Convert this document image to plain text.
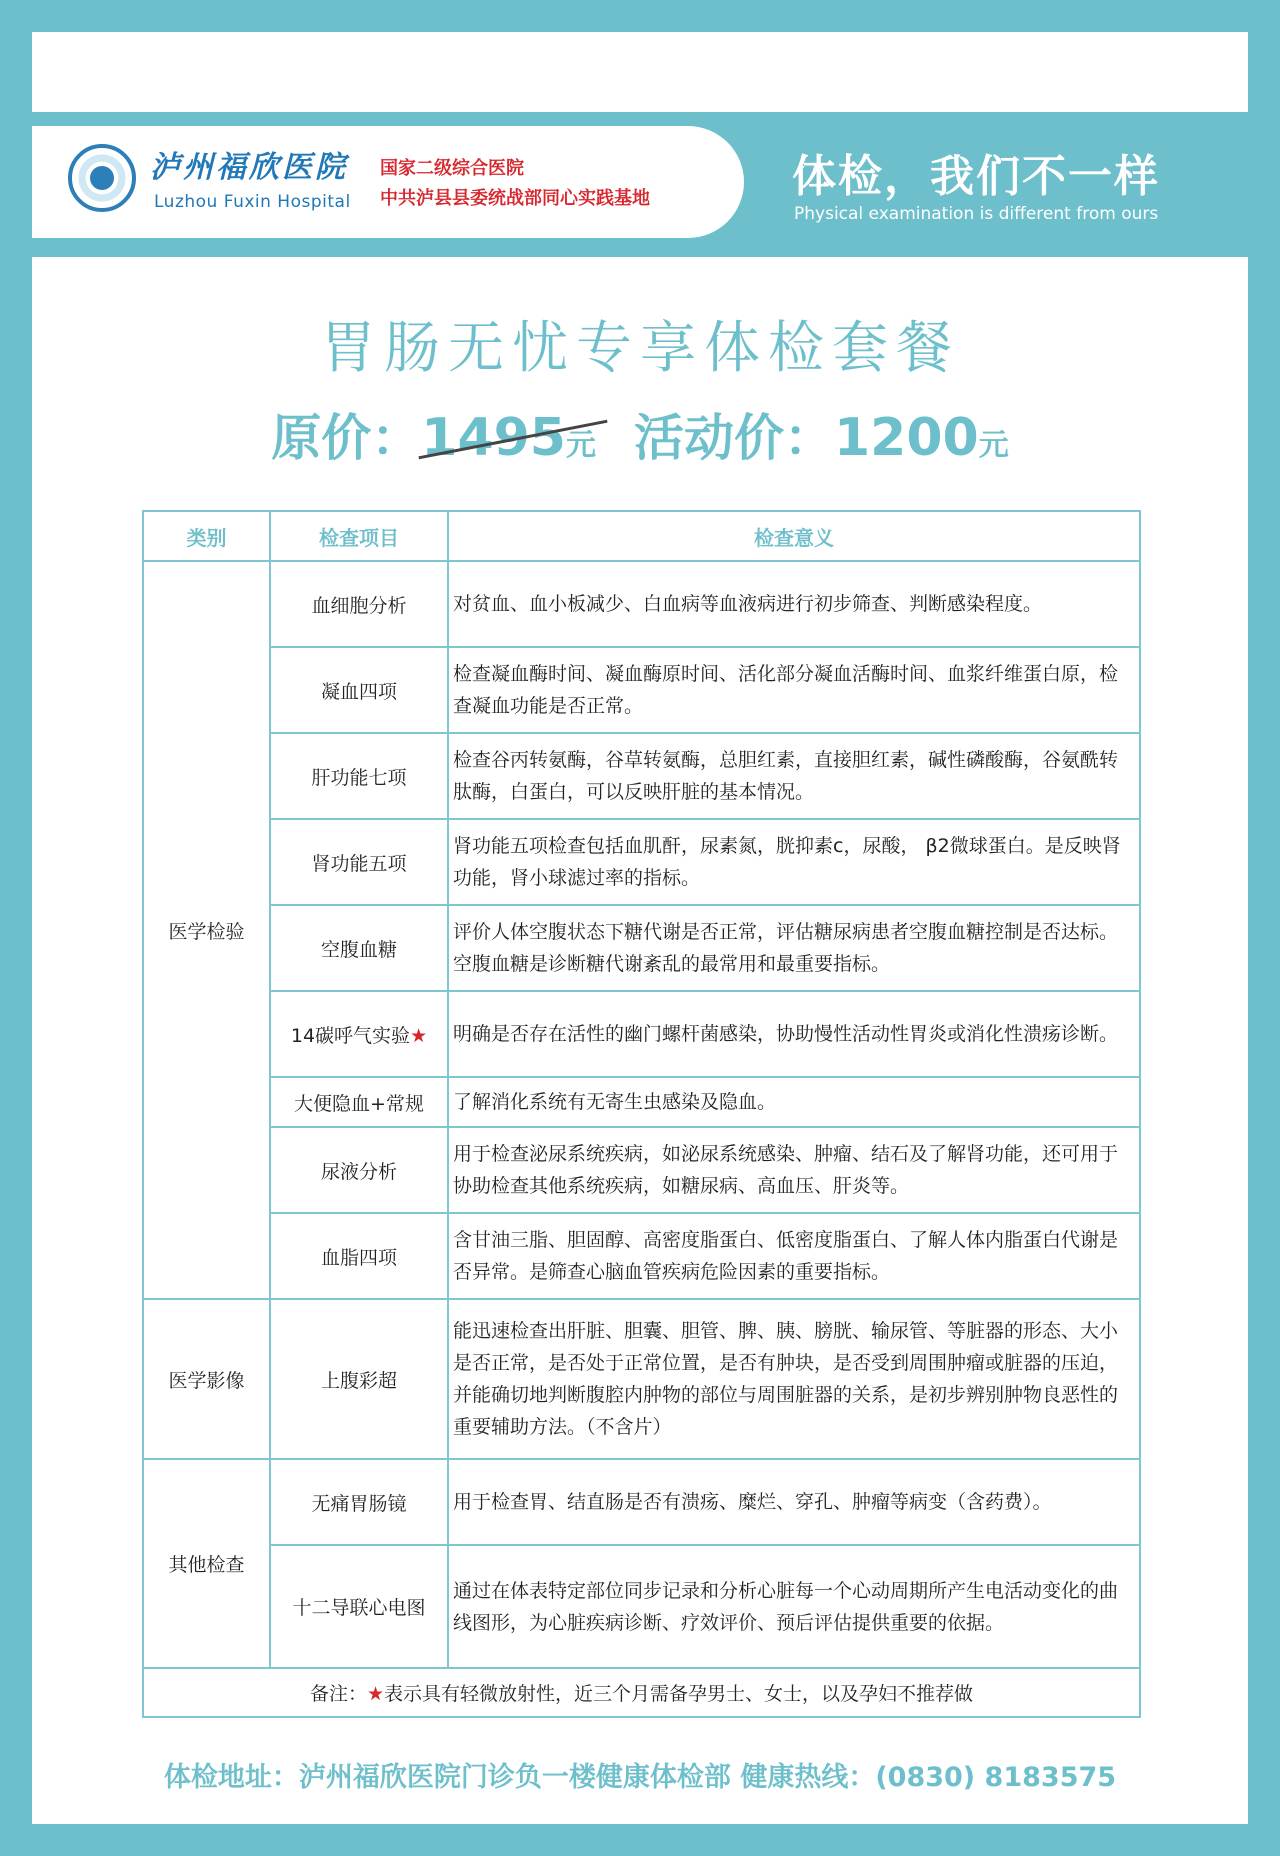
泸州福欣医院
Luzhou Fuxin Hospital
国家二级综合医院
中共泸县县委统战部同心实践基地	体检，我们不一样
Physical examination is different from ours
胃肠无忧专享体检套餐
原价：1495元 活动价：1200元
类别	检查项目	检查意义
医学检验	血细胞分析	对贫血、血小板减少、白血病等血液病进行初步筛查、判断感染程度。
	凝血四项	检查凝血酶时间、凝血酶原时间、活化部分凝血活酶时间、血浆纤维蛋白原，检查凝血功能是否正常。
	肝功能七项	检查谷丙转氨酶，谷草转氨酶，总胆红素，直接胆红素，碱性磷酸酶，谷氨酰转肽酶，白蛋白，可以反映肝脏的基本情况。
	肾功能五项	肾功能五项检查包括血肌酐，尿素氮，胱抑素c，尿酸， β2微球蛋白。是反映肾功能，肾小球滤过率的指标。
	空腹血糖	评价人体空腹状态下糖代谢是否正常，评估糖尿病患者空腹血糖控制是否达标。空腹血糖是诊断糖代谢紊乱的最常用和最重要指标。
	14碳呼气实验★	明确是否存在活性的幽门螺杆菌感染，协助慢性活动性胃炎或消化性溃疡诊断。
	大便隐血+常规	了解消化系统有无寄生虫感染及隐血。
	尿液分析	用于检查泌尿系统疾病，如泌尿系统感染、肿瘤、结石及了解肾功能，还可用于协助检查其他系统疾病，如糖尿病、高血压、肝炎等。
	血脂四项	含甘油三脂、胆固醇、高密度脂蛋白、低密度脂蛋白、了解人体内脂蛋白代谢是否异常。是筛查心脑血管疾病危险因素的重要指标。
医学影像	上腹彩超	能迅速检查出肝脏、胆囊、胆管、脾、胰、膀胱、输尿管、等脏器的形态、大小是否正常，是否处于正常位置，是否有肿块，是否受到周围肿瘤或脏器的压迫，并能确切地判断腹腔内肿物的部位与周围脏器的关系，是初步辨别肿物良恶性的重要辅助方法。（不含片）
其他检查	无痛胃肠镜	用于检查胃、结直肠是否有溃疡、糜烂、穿孔、肿瘤等病变（含药费）。
	十二导联心电图	通过在体表特定部位同步记录和分析心脏每一个心动周期所产生电活动变化的曲线图形，为心脏疾病诊断、疗效评价、预后评估提供重要的依据。
备注：★表示具有轻微放射性，近三个月需备孕男士、女士，以及孕妇不推荐做		
体检地址：泸州福欣医院门诊负一楼健康体检部 健康热线：(0830) 8183575
